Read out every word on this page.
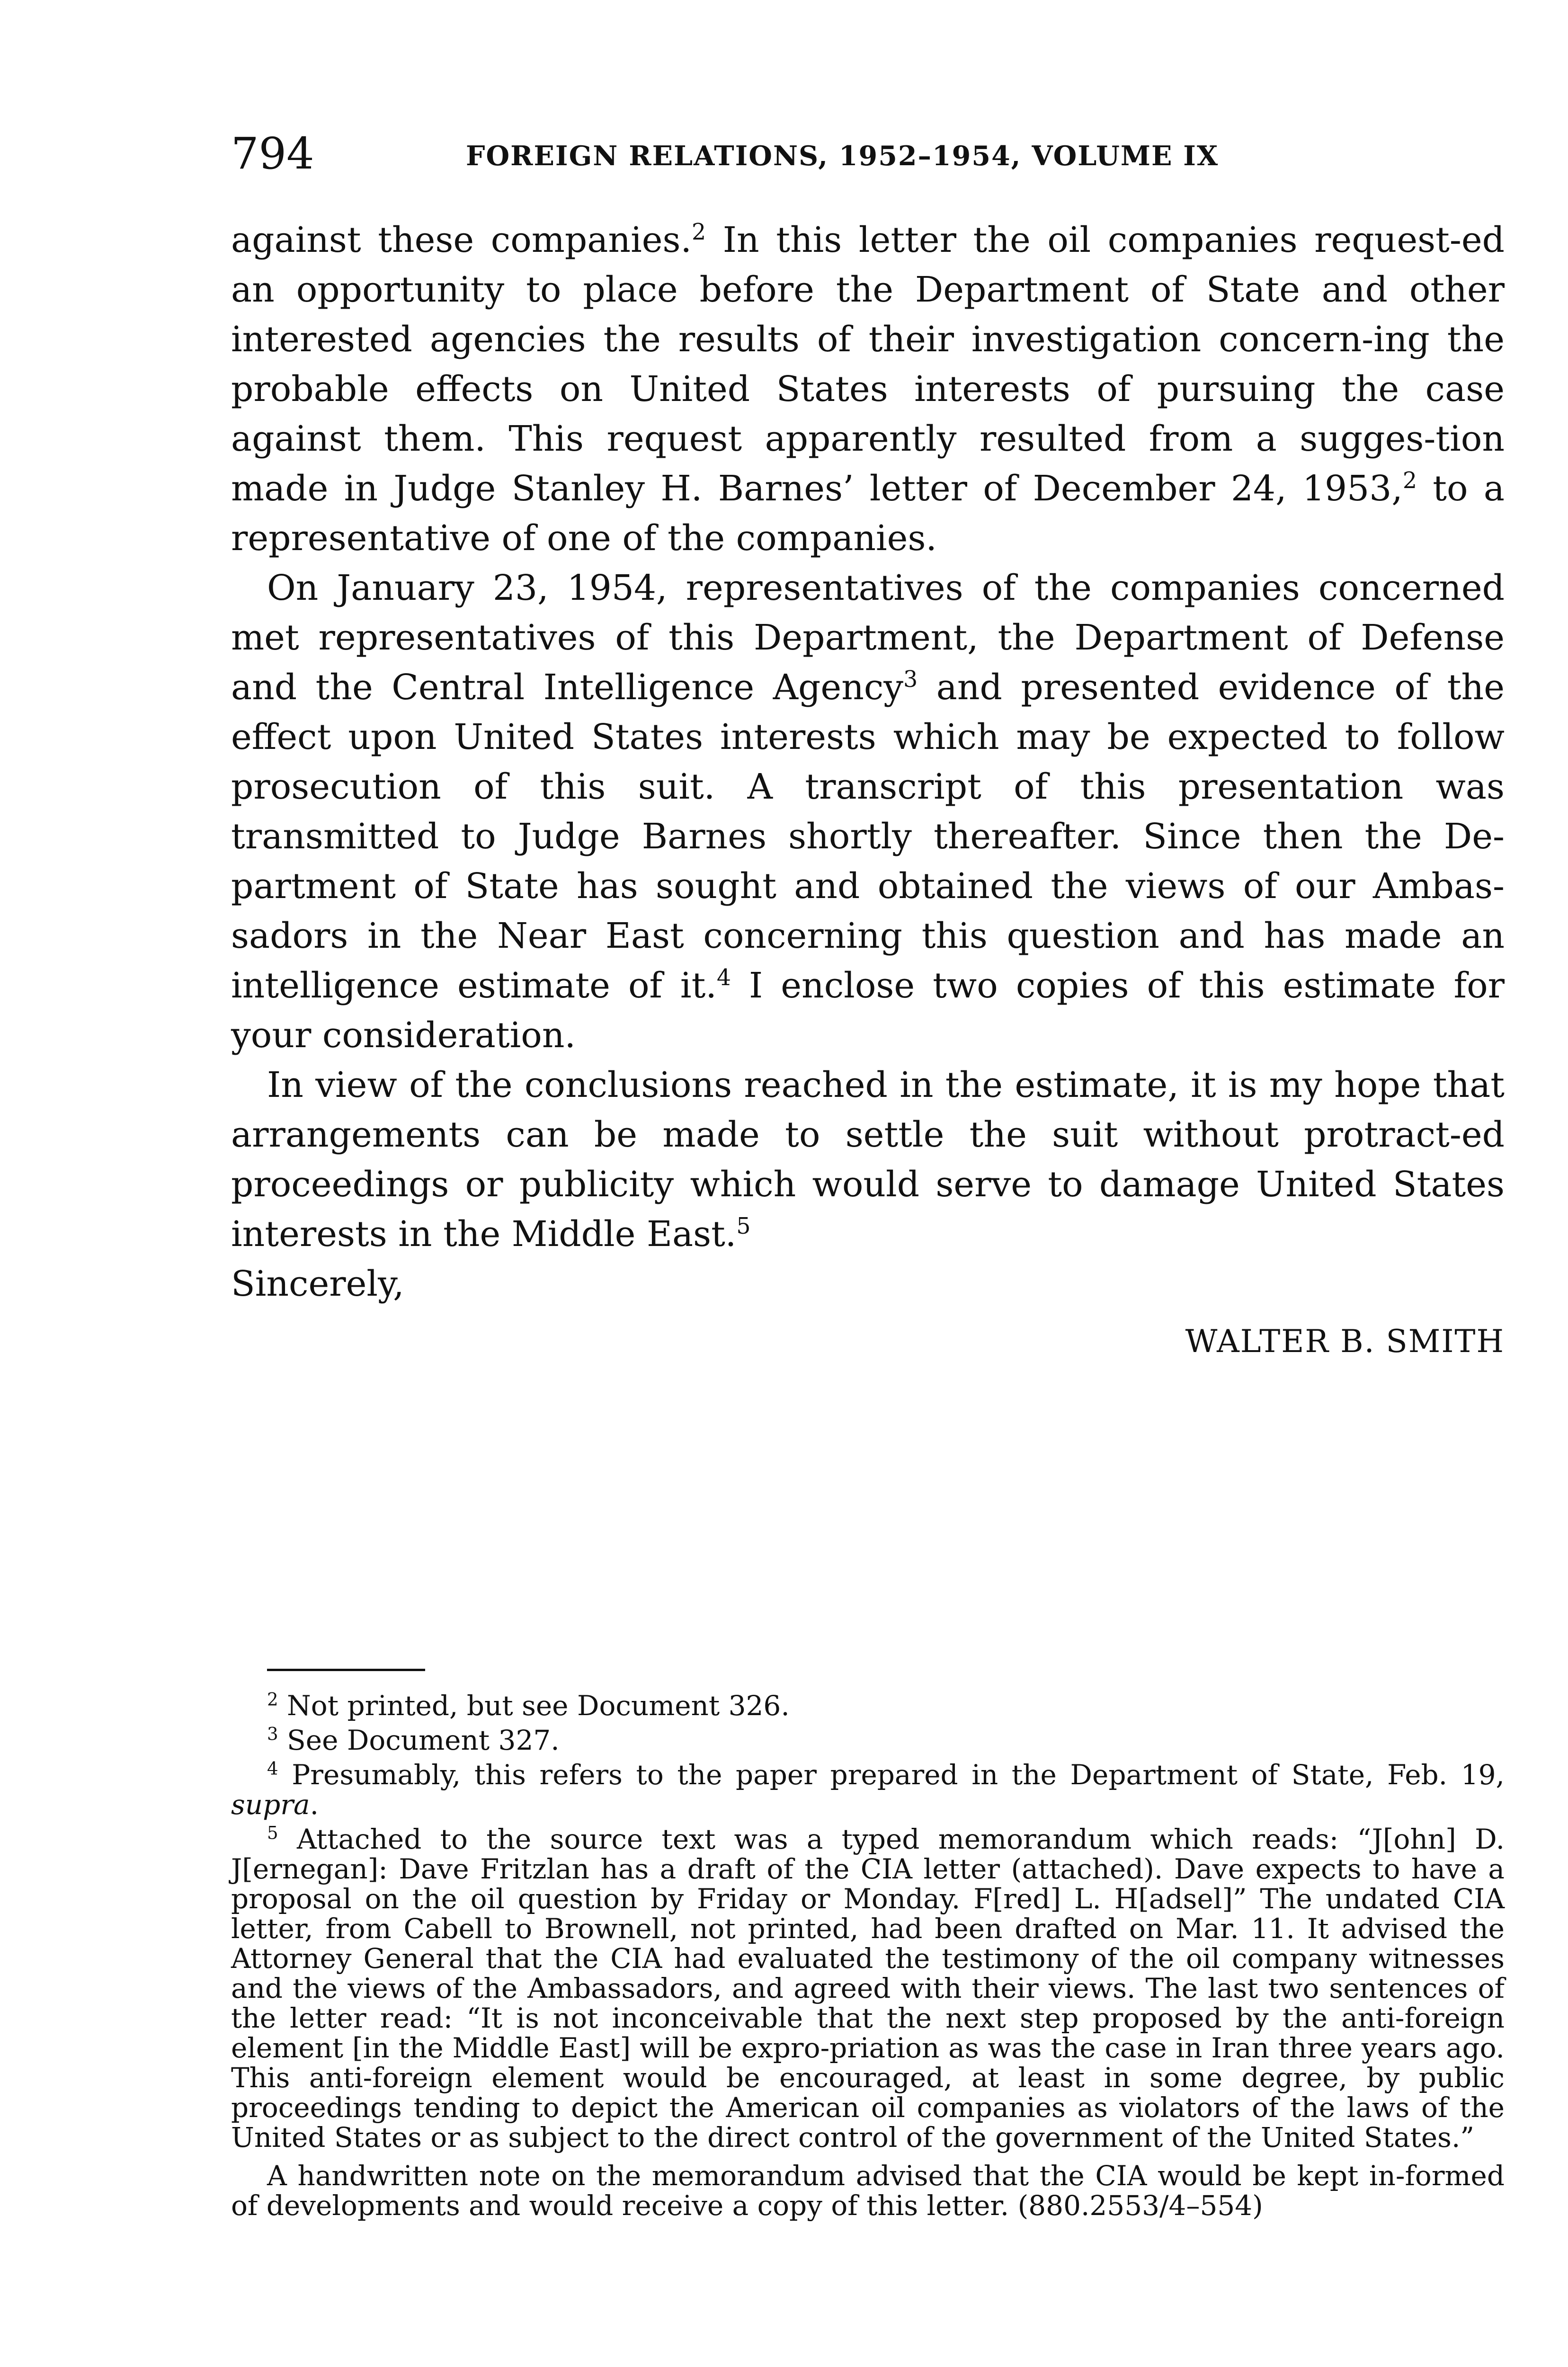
794	FOREIGN RELATIONS, 1952–1954, VOLUME IX

against these companies.$^2$ In this letter the oil companies request-ed an opportunity to place before the Department of State and other interested agencies the results of their investigation concern-ing the probable effects on United States interests of pursuing the case against them. This request apparently resulted from a sugges-tion made in Judge Stanley H. Barnes’ letter of December 24, 1953,$^2$ to a representative of one of the companies.

On January 23, 1954, representatives of the companies concerned met representatives of this Department, the Department of Defense and the Central Intelligence Agency$^3$ and presented evidence of the effect upon United States interests which may be expected to follow prosecution of this suit. A transcript of this presentation was transmitted to Judge Barnes shortly thereafter. Since then the De-partment of State has sought and obtained the views of our Ambas-sadors in the Near East concerning this question and has made an intelligence estimate of it.$^4$ I enclose two copies of this estimate for your consideration.

In view of the conclusions reached in the estimate, it is my hope that arrangements can be made to settle the suit without protract-ed proceedings or publicity which would serve to damage United States interests in the Middle East.$^5$

Sincerely,

WALTER B. SMITH

$^2$ Not printed, but see Document 326.

$^3$ See Document 327.

$^4$ Presumably, this refers to the paper prepared in the Department of State, Feb. 19, supra.

$^5$ Attached to the source text was a typed memorandum which reads: “J[ohn] D. J[ernegan]: Dave Fritzlan has a draft of the CIA letter (attached). Dave expects to have a proposal on the oil question by Friday or Monday. F[red] L. H[adsel]” The undated CIA letter, from Cabell to Brownell, not printed, had been drafted on Mar. 11. It advised the Attorney General that the CIA had evaluated the testimony of the oil company witnesses and the views of the Ambassadors, and agreed with their views. The last two sentences of the letter read: “It is not inconceivable that the next step proposed by the anti-foreign element [in the Middle East] will be expro-priation as was the case in Iran three years ago. This anti-foreign element would be encouraged, at least in some degree, by public proceedings tending to depict the American oil companies as violators of the laws of the United States or as subject to the direct control of the government of the United States.”

A handwritten note on the memorandum advised that the CIA would be kept in-formed of developments and would receive a copy of this letter. (880.2553/4–554)
